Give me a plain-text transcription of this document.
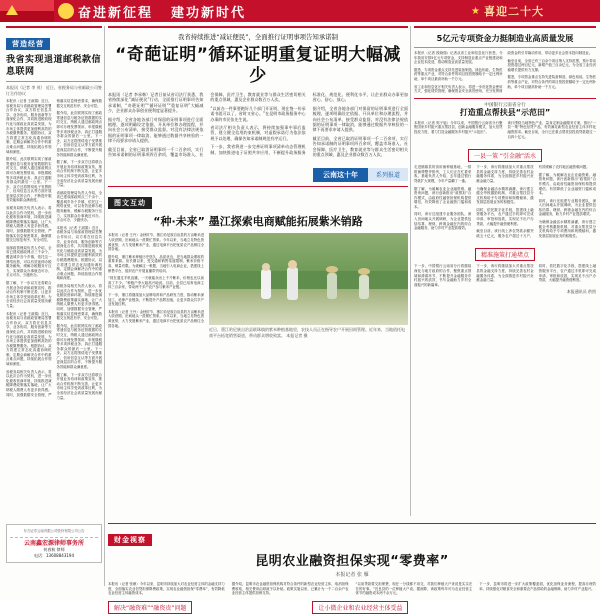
奋进新征程 建功新时代	★ 喜迎二十大
营造经营
我省实现退道邮税款信息联网
本报讯（记者 李 茂） 近日，省税务局与省邮政公司签订合作协议
本报讯（记者 王淑娟）近日，省税务局与省邮政管理局签署合作协议，双方将在信息共享、业务协同、服务创新等方面深化合作，共同推进税收现代化与邮政业高质量发展，为市场主体提供更加便利高效的办税缴费服务。根据协议，双方将建立常态化沟通协调机制，定期会商解决合作中的重点难点问题，持续拓展合作领域和深度。
据介绍，此次联网实现了邮政寄递信息与税务征管数据的实时交互，纳税人通过邮政网点即可办理发票领用、申报缴税等多项涉税业务，真正打通服务群众的最后一公里。下一步，双方还将围绕电子发票推广、信用信息互认等方面开展更深层次的合作，不断提升服务效能和群众满意度。
省税务局相关负责人表示，将以此次合作为契机，进一步优化税收营商环境，持续推进减税降费政策落实落地，让广大纳税人缴费人有更多获得感。同时，加强数据安全管理，严格落实信息保密要求，确保数据交互规范有序、安全可控。
省邮政管理局负责人介绍，全省已建成邮政网点三千余个，覆盖城乡各个乡镇，依托这一网络优势，可以有效延伸办税服务触角，缓解办税服务厅压力，实现群众办事就近可办、多点可办、少跑快办。
据了解，下一步双方还将联合开展业务培训和政策宣传，推动合作机制不断完善，让更多市场主体享受到改革红利，为全省经济社会高质量发展贡献力量。
本报讯（记者 王淑娟）近日，省税务局与省邮政管理局签署合作协议，双方将在信息共享、业务协同、服务创新等方面深化合作，共同推进税收现代化与邮政业高质量发展，为市场主体提供更加便利高效的办税缴费服务。根据协议，双方将建立常态化沟通协调机制，定期会商解决合作中的重点难点问题，持续拓展合作领域和深度。
省税务局相关负责人表示，将以此次合作为契机，进一步优化税收营商环境，持续推进减税降费政策落实落地，让广大纳税人缴费人有更多获得感。同时，加强数据安全管理，严格落实信息保密要求，确保数据交互规范有序、安全可控。
据介绍，此次联网实现了邮政寄递信息与税务征管数据的实时交互，纳税人通过邮政网点即可办理发票领用、申报缴税等多项涉税业务，真正打通服务群众的最后一公里。下一步，双方还将围绕电子发票推广、信用信息互认等方面开展更深层次的合作，不断提升服务效能和群众满意度。
据了解，下一步双方还将联合开展业务培训和政策宣传，推动合作机制不断完善，让更多市场主体享受到改革红利，为全省经济社会高质量发展贡献力量。
省邮政管理局负责人介绍，全省已建成邮政网点三千余个，覆盖城乡各个乡镇，依托这一网络优势，可以有效延伸办税服务触角，缓解办税服务厅压力，实现群众办事就近可办、多点可办、少跑快办。
本报讯（记者 王淑娟）近日，省税务局与省邮政管理局签署合作协议，双方将在信息共享、业务协同、服务创新等方面深化合作，共同推进税收现代化与邮政业高质量发展，为市场主体提供更加便利高效的办税缴费服务。根据协议，双方将建立常态化沟通协调机制，定期会商解决合作中的重点难点问题，持续拓展合作领域和深度。
省税务局相关负责人表示，将以此次合作为契机，进一步优化税收营商环境，持续推进减税降费政策落实落地，让广大纳税人缴费人有更多获得感。同时，加强数据安全管理，严格落实信息保密要求，确保数据交互规范有序、安全可控。
据介绍，此次联网实现了邮政寄递信息与税务征管数据的实时交互，纳税人通过邮政网点即可办理发票领用、申报缴税等多项涉税业务，真正打通服务群众的最后一公里。下一步，双方还将围绕电子发票推广、信用信息互认等方面开展更深层次的合作，不断提升服务效能和群众满意度。
据了解，下一步双方还将联合开展业务培训和政策宣传，推动合作机制不断完善，让更多市场主体享受到改革红利，为全省经济社会高质量发展贡献力量。
东方证券云南有限公司股份有限公司公告
云南鑫宏源律师事务所
何春秋 律师
电话：13608843194
我省持续推进“减证便民”，全面推行证明事项告知承诺制
“奇葩证明”循环证明重复证明大幅减少
本报讯（记者 李承韩）记者日前从省司法厅获悉，我省持续深化“减证便民”行动，全面推行证明事项告知承诺制，“奇葩证明”“循环证明”“重复证明”大幅减少，企业群众办事创业便利度显著提升。
据介绍，全省各地各部门对保留的证明事项进行全面梳理，逐项明确设定依据、开具单位和办理流程，并向社会公布清单，接受群众监督。对没有法律法规依据的证明事项一律取消，能够通过数据共享核验的一律不再要求申请人提供。
截至目前，全省已取消证明事项一千二百余项，实行告知承诺制的证明事项四百余项，覆盖市场准入、社会保障、医疗卫生、教育就业等与群众生活密切相关的重点领域，惠及企业群众数百万人次。
“以前办一件事要跑好几个部门开证明，现在签一份承诺书就可以了，省时又省心。”在昆明市政务服务中心办事的市民张先生说。
省司法厅相关负责人表示，将持续加强事中事后监管，建立健全信用约束机制，对虚假承诺行为依法依规予以处理，确保告知承诺制规范有序运行。
下一步，我省将进一步完善证明事项清单动态管理机制，加快推进电子证照共享应用，不断提升政务服务标准化、规范化、便利化水平，让企业群众办事更加省心、舒心、放心。
据介绍，全省各地各部门对保留的证明事项进行全面梳理，逐项明确设定依据、开具单位和办理流程，并向社会公布清单，接受群众监督。对没有法律法规依据的证明事项一律取消，能够通过数据共享核验的一律不再要求申请人提供。
截至目前，全省已取消证明事项一千二百余项，实行告知承诺制的证明事项四百余项，覆盖市场准入、社会保障、医疗卫生、教育就业等与群众生活密切相关的重点领域，惠及企业群众数百万人次。
云南这十年	系列报道
图文互动
“种·未来” 墨江探索电商赋能拓展紫米销路
本报讯（记者 王丹）金秋时节，墨江哈尼族自治县的万亩紫米进入收获期，田间地头一派繁忙景象。今年以来，当地立足特色资源优势，大力发展紫米产业，通过电商平台把优质农产品销往全国各地。
据介绍，墨江紫米种植历史悠久，品质优良，是当地群众增收的重要来源。但长期以来，受交通和销售渠道限制，紫米价格不高、销量有限。为破解这一难题，当地引入电商企业，搭建线上销售平台，组织农户开展直播带货培训。
“现在通过手机直播，一天就能卖出上千斤紫米，价格也比以前高了不少。”种植户李大姐高兴地说。目前，全县已培育电商主体三百余家，带动两千多户农户参与紫米产业链。
下一步，墨江将继续加大品牌培育和产品研发力度，推动紫米深加工，延伸产业链条，不断提升产品附加值，让更多群众共享产业发展红利。
本报讯（记者 王丹）金秋时节，墨江哈尼族自治县的万亩紫米进入收获期，田间地头一派繁忙景象。今年以来，当地立足特色资源优势，大力发展紫米产业，通过电商平台把优质农产品销往全国各地。
近日，墨江哈尼族自治县联珠镇的紫米种植基地里，农技人员正在指导农户开展田间管理。近年来，当地依托电商平台拓宽销售渠道，带动群众增收致富。 本报记者 摄
5亿元专项资金力挺制造业高质量发展
本报讯（记者 段晓瑞）记者从省工业和信息化厅获悉，今年我省安排5亿元专项资金，支持制造业重点产业链建设和企业技术改造，推动制造业高质量发展。
据悉，专项资金重点支持先进装备制造、绿色铝硅、生物医药等重点产业，对符合条件的项目按投资额给予一定比例补助，单个项目最高补助一千万元。
省工业和信息化厅相关负责人表示，将进一步优化资金使用方式，强化绩效管理，确保资金安全高效使用，充分发挥财政资金的引导撬动作用，带动更多社会资本投向制造业。
截至目前，全省已有三百余个项目纳入支持范围，预计带动投资超过两百亿元，新增产值三百余亿元，为全省工业经济稳增长提供有力支撑。
据悉，专项资金重点支持先进装备制造、绿色铝硅、生物医药等重点产业，对符合条件的项目按投资额给予一定比例补助，单个项目最高补助一千万元。
中国银行云南省分行
打造重点帮扶县“示范田”
本报讯（记者 郭子旭）今年以来，中国银行云南省分行聚焦国家乡村振兴重点帮扶县，创新金融服务模式，加大信贷投放力度，着力打造金融服务乡村振兴“示范田”。
该行围绕当地特色产业，量身定制金融服务方案，推出“一县一策”特色信贷产品，有效满足新型农业经营主体多样化融资需求。截至目前，全行已在重点帮扶县投放贷款超过一百四十亿元。
一县一策 “引金融”活水
走进镇雄县的食用菌种植基地，一排排菌棒整齐排列，工人们正在忙着采收。基地负责人介绍，去年通过银行贷款扩大规模，今年产量翻了一番。
据了解，为破解农业企业融资难、融资贵问题，该行创新推出“政银担”合作模式，由政府性融资担保机构提供增信，有效降低了企业融资门槛和成本。
同时，该行还组建专业服务团队，深入田间地头开展调研，为企业提供包括结算、理财、跨境金融在内的综合金融服务，助力乡村产业提质增效。
下一步，该行将继续加大对重点帮扶县的金融支持力度，持续完善农村金融服务体系，为全面推进乡村振兴贡献金融力量。
为确保金融活水精准滴灌，该行建立健全考核激励机制，对重点帮扶县分支机构给予专项费用和规模倾斜，激发基层拓展业务的积极性。
同时，依托数字化手段，搭建线上融资服务平台，农户通过手机即可完成申请、审批和放款，实现足不出户办贷款，大幅提升融资便利度。
截至目前，该行线上涉农贷款余额突破五十亿元，服务农户超过十万户，有效缓解了农村地区融资难问题。
据了解，为破解农业企业融资难、融资贵问题，该行创新推出“政银担”合作模式，由政府性融资担保机构提供增信，有效降低了企业融资门槛和成本。
同时，该行还组建专业服务团队，深入田间地头开展调研，为企业提供包括结算、理财、跨境金融在内的综合金融服务，助力乡村产业提质增效。
为确保金融活水精准滴灌，该行建立健全考核激励机制，对重点帮扶县分支机构给予专项费用和规模倾斜，激发基层拓展业务的积极性。
精准施策打通堵点
下一步，中国银行云南省分行将继续深化与地方政府的合作，聚焦重点领域和薄弱环节，不断提升金融服务乡村振兴的质效，书写金融助力乡村全面振兴的新篇章。
下一步，该行将继续加大对重点帮扶县的金融支持力度，持续完善农村金融服务体系，为全面推进乡村振兴贡献金融力量。
同时，依托数字化手段，搭建线上融资服务平台，农户通过手机即可完成申请、审批和放款，实现足不出户办贷款，大幅提升融资便利度。
本报通讯员 供图
财金视察
昆明农业融资担保实现“零费率”
本报记者 张 雁
本报讯（记者 张雁）今年以来，昆明市持续加大对农业经营主体的金融支持力度，全面落实农业信贷担保降费政策，实现农业融资担保“零费率”，有效降低农业经营主体融资成本。
据介绍，昆明市农业融资担保机构对符合条件的新型农业经营主体，取消担保费收取，相关费用由财政予以补贴。政策实施以来，已累计为一千二百余户农业经营主体提供担保支持。
“以前贷款要交担保费，现在一分钱都不用交，对我们种植大户来说是实实在在的好事。”宜良县的一位种植大户说。据测算，该政策每年可为农业经营主体节约融资成本两千余万元。
下一步，昆明市将进一步扩大政策覆盖面，优化担保业务流程，提高办理效率，持续强化对粮食安全和重要农产品供给的金融保障，助力乡村产业振兴。
解决“融资难”“融资贵”问题	让小微企业和农业经营主体受益
